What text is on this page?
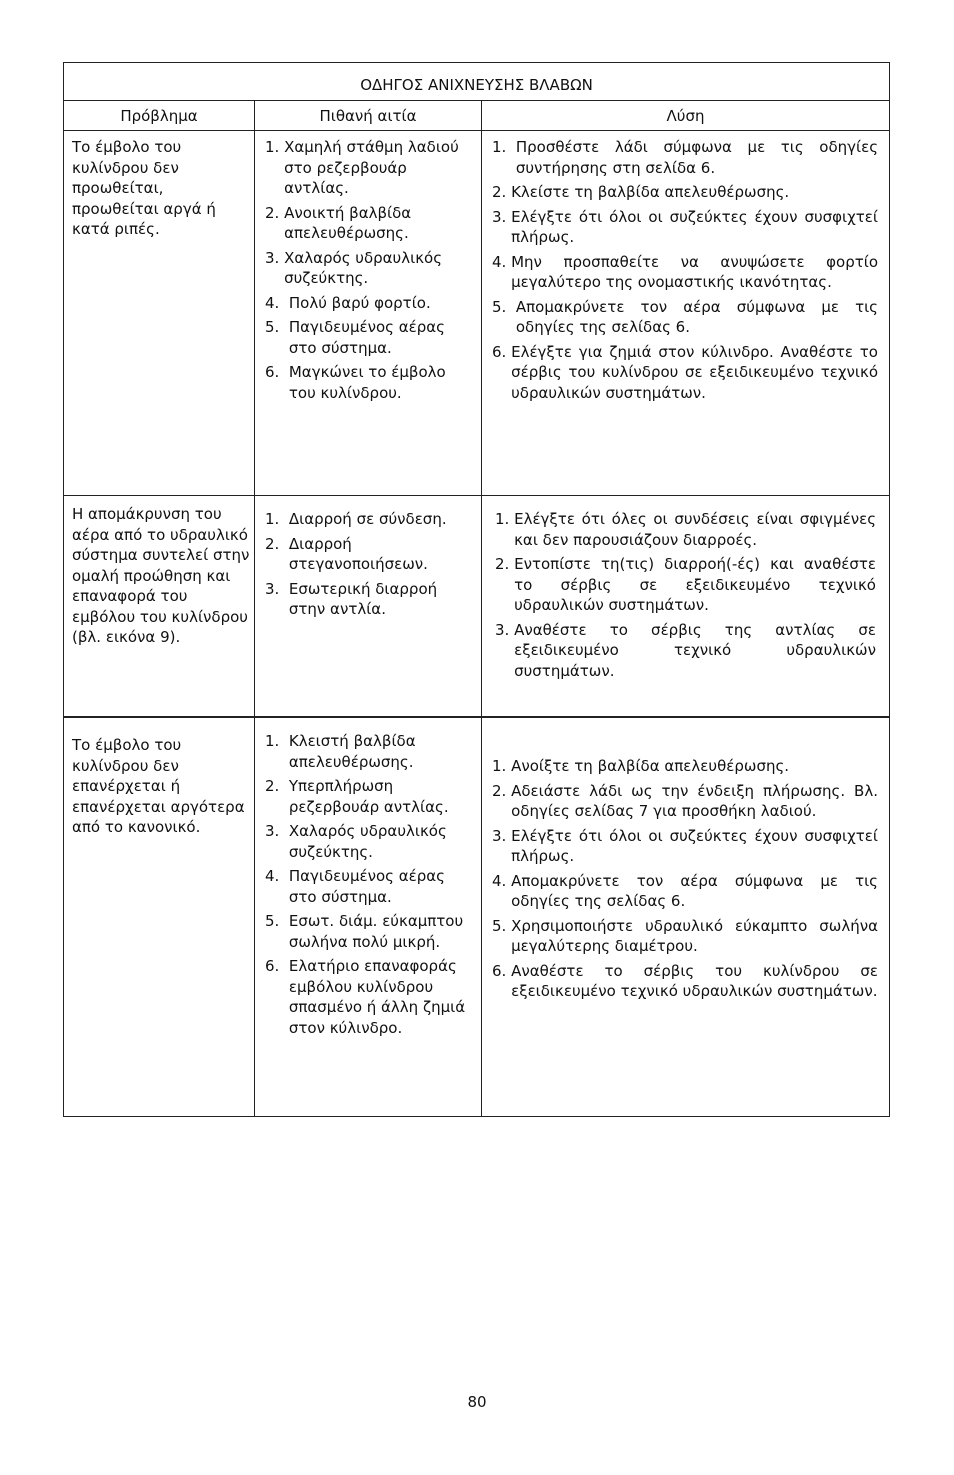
ΟΔΗΓΟΣ ΑΝΙΧΝΕΥΣΗΣ ΒΛΑΒΩΝ
Πρόβλημα	Πιθανή αιτία	Λύση
Το έμβολο του κυλίνδρου δεν προωθείται, προωθείται αργά ή κατά ριπές.
1. Χαμηλή στάθμη λαδιού στο ρεζερβουάρ αντλίας.
2. Ανοικτή βαλβίδα απελευθέρωσης.
3. Χαλαρός υδραυλικός συζεύκτης.
4. Πολύ βαρύ φορτίο.
5. Παγιδευμένος αέρας στο σύστημα.
6. Μαγκώνει το έμβολο του κυλίνδρου.
1. Προσθέστε λάδι σύμφωνα με τις οδηγίες συντήρησης στη σελίδα 6.
2. Κλείστε τη βαλβίδα απελευθέρωσης.
3. Ελέγξτε ότι όλοι οι συζεύκτες έχουν συσφιχτεί πλήρως.
4. Μην προσπαθείτε να ανυψώσετε φορτίο μεγαλύτερο της ονομαστικής ικανότητας.
5. Απομακρύνετε τον αέρα σύμφωνα με τις οδηγίες της σελίδας 6.
6. Ελέγξτε για ζημιά στον κύλινδρο. Αναθέστε το σέρβις του κυλίνδρου σε εξειδικευμένο τεχνικό υδραυλικών συστημάτων.
Η απομάκρυνση του αέρα από το υδραυλικό σύστημα συντελεί στην ομαλή προώθηση και επαναφορά του εμβόλου του κυλίνδρου (βλ. εικόνα 9).
1. Διαρροή σε σύνδεση.
2. Διαρροή στεγανοποιήσεων.
3. Εσωτερική διαρροή στην αντλία.
1. Ελέγξτε ότι όλες οι συνδέσεις είναι σφιγμένες και δεν παρουσιάζουν διαρροές.
2. Εντοπίστε τη(τις) διαρροή(-ές) και αναθέστε το σέρβις σε εξειδικευμένο τεχνικό υδραυλικών συστημάτων.
3. Αναθέστε το σέρβις της αντλίας σε εξειδικευμένο τεχνικό υδραυλικών συστημάτων.
Το έμβολο του κυλίνδρου δεν επανέρχεται ή επανέρχεται αργότερα από το κανονικό.
1. Κλειστή βαλβίδα απελευθέρωσης.
2. Υπερπλήρωση ρεζερβουάρ αντλίας.
3. Χαλαρός υδραυλικός συζεύκτης.
4. Παγιδευμένος αέρας στο σύστημα.
5. Εσωτ. διάμ. εύκαμπτου σωλήνα πολύ μικρή.
6. Ελατήριο επαναφοράς εμβόλου κυλίνδρου σπασμένο ή άλλη ζημιά στον κύλινδρο.
1. Ανοίξτε τη βαλβίδα απελευθέρωσης.
2. Αδειάστε λάδι ως την ένδειξη πλήρωσης. Βλ. οδηγίες σελίδας 7 για προσθήκη λαδιού.
3. Ελέγξτε ότι όλοι οι συζεύκτες έχουν συσφιχτεί πλήρως.
4. Απομακρύνετε τον αέρα σύμφωνα με τις οδηγίες της σελίδας 6.
5. Χρησιμοποιήστε υδραυλικό εύκαμπτο σωλήνα μεγαλύτερης διαμέτρου.
6. Αναθέστε το σέρβις του κυλίνδρου σε εξειδικευμένο τεχνικό υδραυλικών συστημάτων.
80
